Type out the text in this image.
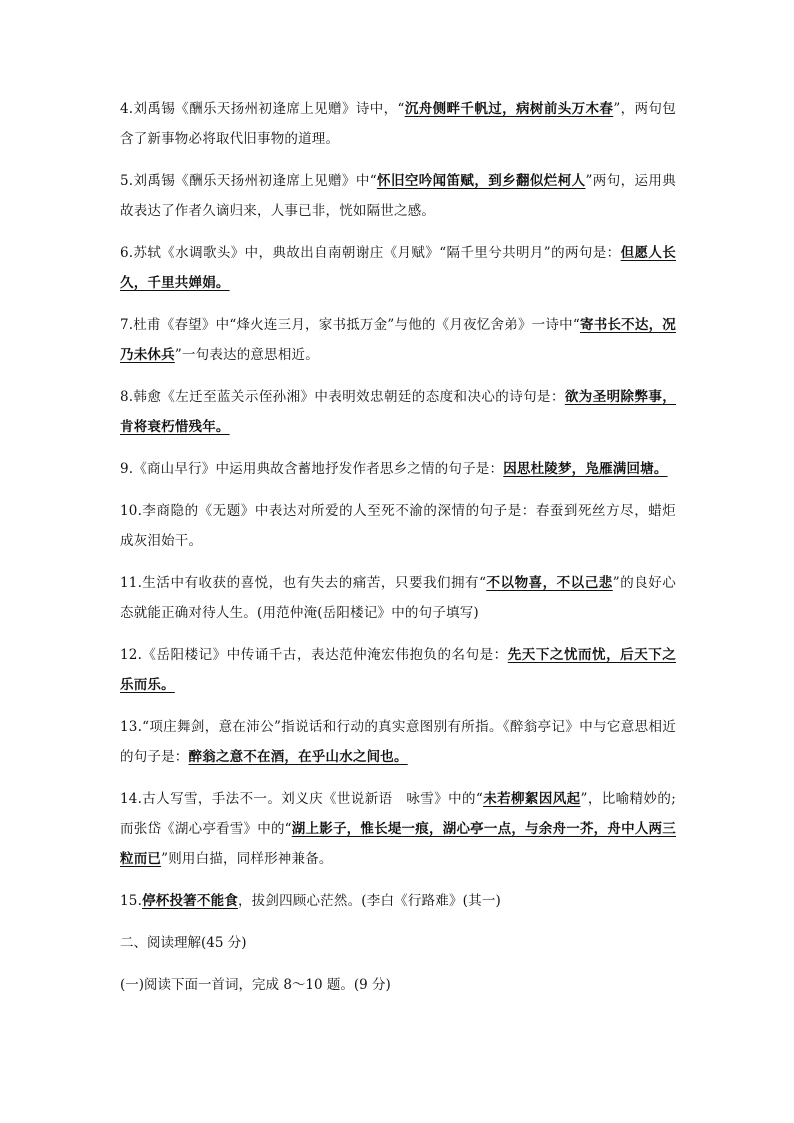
4.刘禹锡《酬乐天扬州初逢席上见赠》诗中，“沉舟侧畔千帆过，病树前头万木春”，两句包含了新事物必将取代旧事物的道理。

5.刘禹锡《酬乐天扬州初逢席上见赠》中“怀旧空吟闻笛赋，到乡翻似烂柯人”两句，运用典故表达了作者久谪归来，人事已非，恍如隔世之感。

6.苏轼《水调歌头》中，典故出自南朝谢庄《月赋》“隔千里兮共明月”的两句是：但愿人长久，千里共婵娟。

7.杜甫《春望》中“烽火连三月，家书抵万金”与他的《月夜忆舍弟》一诗中“寄书长不达，况乃未休兵”一句表达的意思相近。

8.韩愈《左迁至蓝关示侄孙湘》中表明效忠朝廷的态度和决心的诗句是：欲为圣明除弊事，肯将衰朽惜残年。

9.《商山早行》中运用典故含蓄地抒发作者思乡之情的句子是：因思杜陵梦，凫雁满回塘。

10.李商隐的《无题》中表达对所爱的人至死不渝的深情的句子是：春蚕到死丝方尽，蜡炬成灰泪始干。

11.生活中有收获的喜悦，也有失去的痛苦，只要我们拥有“不以物喜，不以己悲”的良好心态就能正确对待人生。(用范仲淹(岳阳楼记》中的句子填写)

12.《岳阳楼记》中传诵千古，表达范仲淹宏伟抱负的名句是：先天下之忧而忧，后天下之乐而乐。

13.“项庄舞剑，意在沛公”指说话和行动的真实意图别有所指。《醉翁亭记》中与它意思相近的句子是：醉翁之意不在酒，在乎山水之间也。

14.古人写雪，手法不一。刘义庆《世说新语　咏雪》中的“未若柳絮因风起”，比喻精妙的;而张岱《湖心亭看雪》中的“湖上影子，惟长堤一痕，湖心亭一点，与余舟一芥，舟中人两三粒而已”则用白描，同样形神兼备。

15.停杯投箸不能食，拔剑四顾心茫然。(李白《行路难》(其一)

二、阅读理解(45 分)

(一)阅读下面一首词，完成 8～10 题。(9 分)
